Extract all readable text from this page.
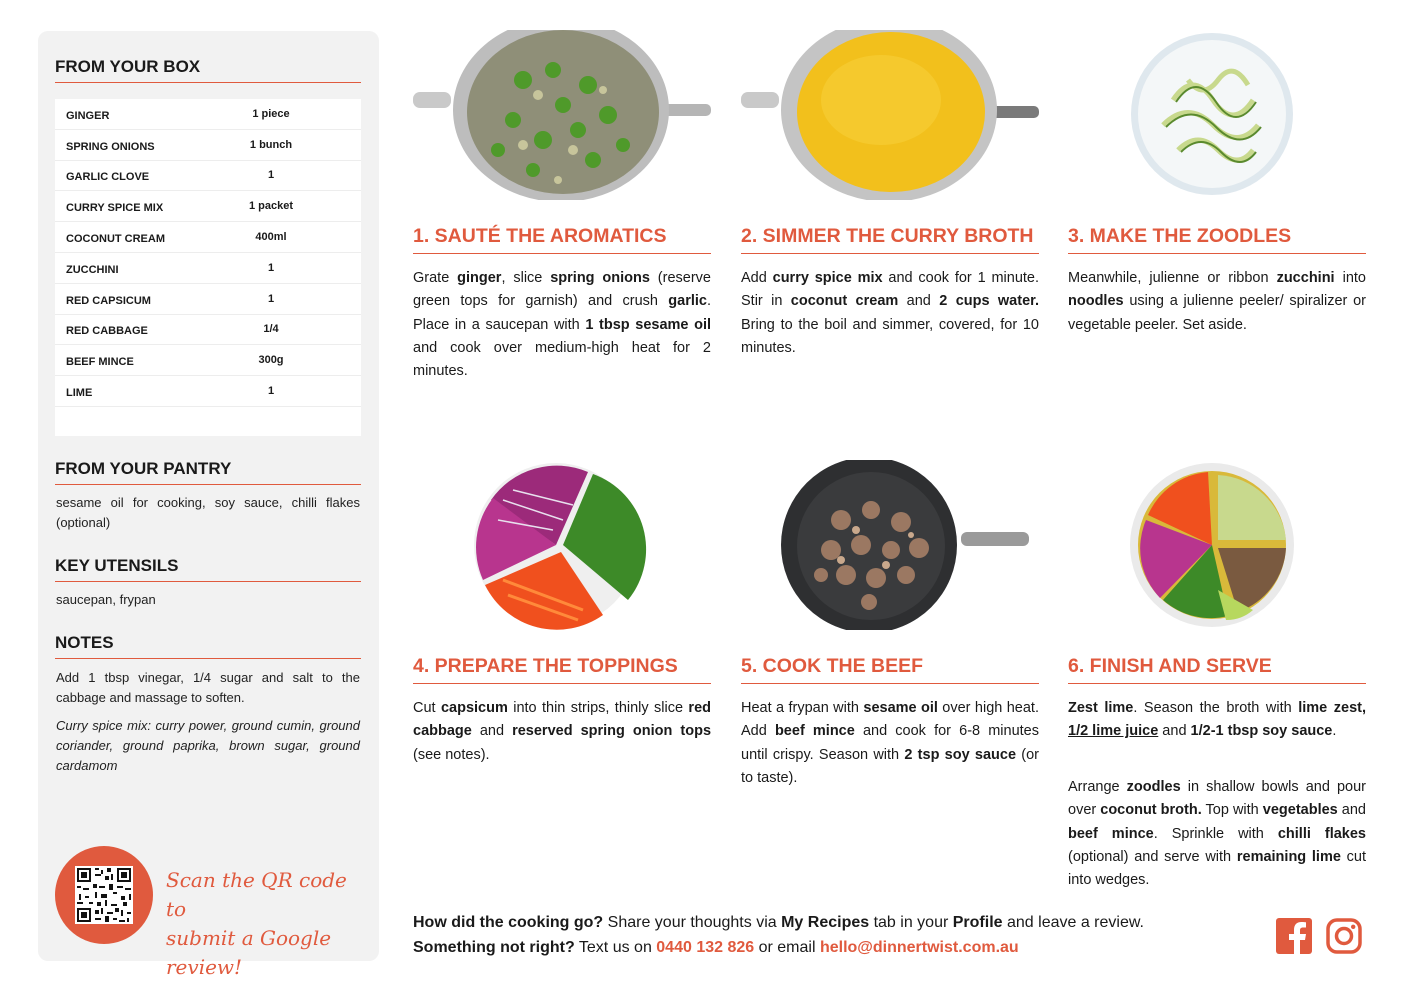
FROM YOUR BOX
GINGER	1 piece
SPRING ONIONS	1 bunch
GARLIC CLOVE	1
CURRY SPICE MIX	1 packet
COCONUT CREAM	400ml
ZUCCHINI	1
RED CAPSICUM	1
RED CABBAGE	1/4
BEEF MINCE	300g
LIME	1
FROM YOUR PANTRY
sesame oil for cooking, soy sauce, chilli flakes (optional)
KEY UTENSILS
saucepan, frypan
NOTES
Add 1 tbsp vinegar, 1/4 sugar and salt to the cabbage and massage to soften.
Curry spice mix: curry power, ground cumin, ground coriander, ground paprika, brown sugar, ground cardamom
Scan the QR code to
submit a Google review!
1. SAUTÉ THE AROMATICS	2. SIMMER THE CURRY BROTH 3. MAKE THE ZOODLES
4. PREPARE THE TOPPINGS	5. COOK THE BEEF	6. FINISH AND SERVE
Grate ginger, slice spring onions (reserve green tops for garnish) and crush garlic. Place in a saucepan with 1 tbsp sesame oil and cook over medium-high heat for 2 minutes.
Add curry spice mix and cook for 1 minute. Stir in coconut cream and 2 cups water. Bring to the boil and simmer, covered, for 10 minutes.
Meanwhile, julienne or ribbon zucchini into noodles using a julienne peeler/ spiralizer or vegetable peeler. Set aside.
Cut capsicum into thin strips, thinly slice red cabbage and reserved spring onion tops (see notes).
Heat a frypan with sesame oil over high heat. Add beef mince and cook for 6-8 minutes until crispy. Season with 2 tsp soy sauce (or to taste).
Zest lime. Season the broth with lime zest, 1/2 lime juice and 1/2-1 tbsp soy sauce.
Arrange zoodles in shallow bowls and pour over coconut broth. Top with vegetables and beef mince. Sprinkle with chilli flakes (optional) and serve with remaining lime cut into wedges.
How did the cooking go? Share your thoughts via My Recipes tab in your Profile and leave a review.
Something not right? Text us on 0440 132 826 or email hello@dinnertwist.com.au
